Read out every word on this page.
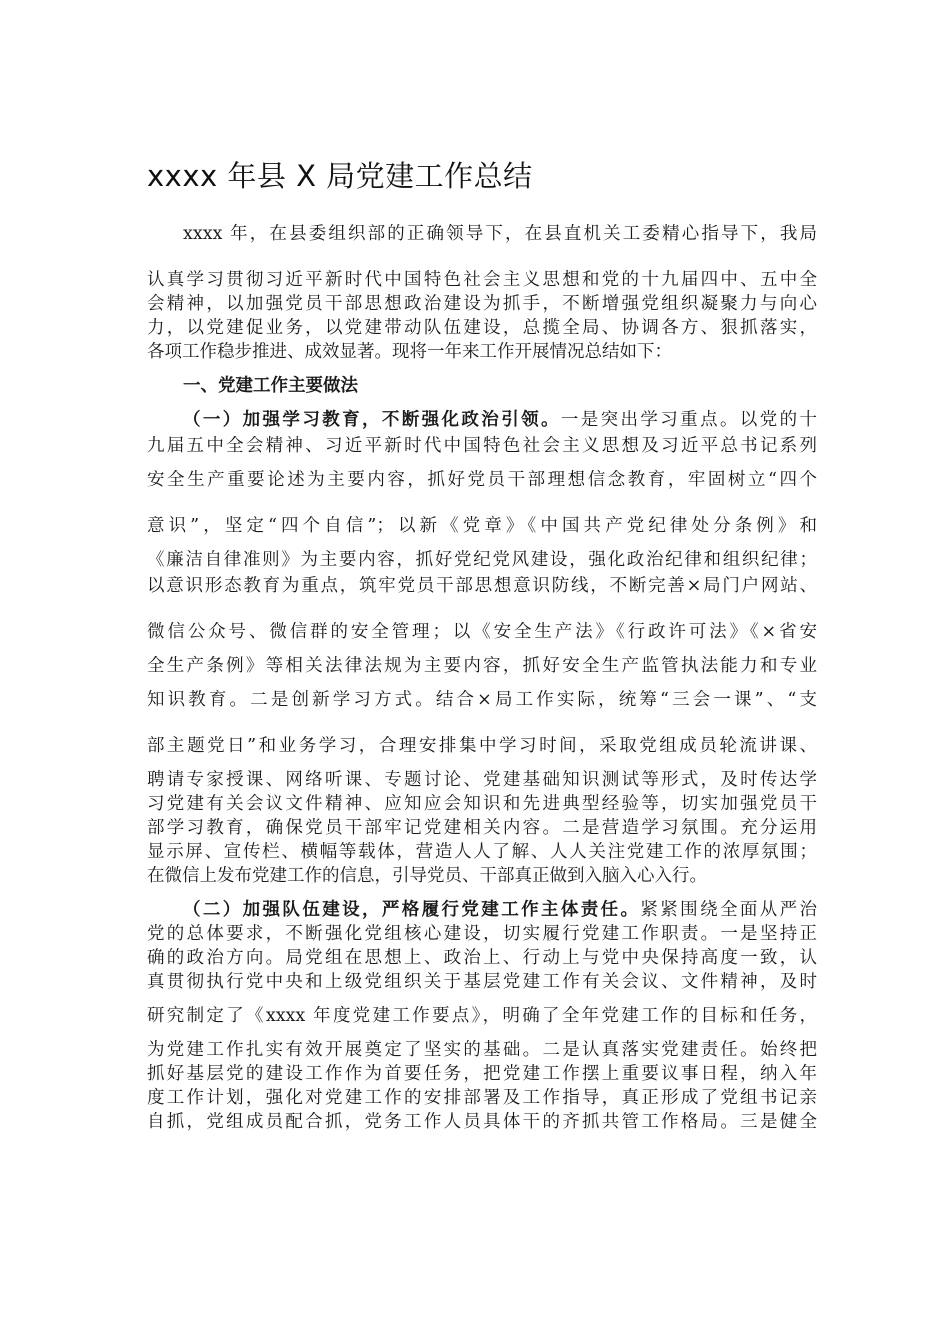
xxxx 年县 X 局党建工作总结
xxxx 年，在县委组织部的正确领导下，在县直机关工委精心指导下，我局
认真学习贯彻习近平新时代中国特色社会主义思想和党的十九届四中、五中全
会精神，以加强党员干部思想政治建设为抓手，不断增强党组织凝聚力与向心
力，以党建促业务，以党建带动队伍建设，总揽全局、协调各方、狠抓落实，
各项工作稳步推进、成效显著。现将一年来工作开展情况总结如下：
一、党建工作主要做法
（一）加强学习教育，不断强化政治引领。一是突出学习重点。以党的十
九届五中全会精神、习近平新时代中国特色社会主义思想及习近平总书记系列
安全生产重要论述为主要内容，抓好党员干部理想信念教育，牢固树立“四个
意识”，坚定“四个自信”；以新《党章》《中国共产党纪律处分条例》和
《廉洁自律准则》为主要内容，抓好党纪党风建设，强化政治纪律和组织纪律；
以意识形态教育为重点，筑牢党员干部思想意识防线，不断完善×局门户网站、
微信公众号、微信群的安全管理；以《安全生产法》《行政许可法》《×省安
全生产条例》等相关法律法规为主要内容，抓好安全生产监管执法能力和专业
知识教育。二是创新学习方式。结合×局工作实际，统筹“三会一课”、“支
部主题党日”和业务学习，合理安排集中学习时间，采取党组成员轮流讲课、
聘请专家授课、网络听课、专题讨论、党建基础知识测试等形式，及时传达学
习党建有关会议文件精神、应知应会知识和先进典型经验等，切实加强党员干
部学习教育，确保党员干部牢记党建相关内容。二是营造学习氛围。充分运用
显示屏、宣传栏、横幅等载体，营造人人了解、人人关注党建工作的浓厚氛围；
在微信上发布党建工作的信息，引导党员、干部真正做到入脑入心入行。
（二）加强队伍建设，严格履行党建工作主体责任。紧紧围绕全面从严治
党的总体要求，不断强化党组核心建设，切实履行党建工作职责。一是坚持正
确的政治方向。局党组在思想上、政治上、行动上与党中央保持高度一致，认
真贯彻执行党中央和上级党组织关于基层党建工作有关会议、文件精神，及时
研究制定了《xxxx 年度党建工作要点》，明确了全年党建工作的目标和任务，
为党建工作扎实有效开展奠定了坚实的基础。二是认真落实党建责任。始终把
抓好基层党的建设工作作为首要任务，把党建工作摆上重要议事日程，纳入年
度工作计划，强化对党建工作的安排部署及工作指导，真正形成了党组书记亲
自抓，党组成员配合抓，党务工作人员具体干的齐抓共管工作格局。三是健全
